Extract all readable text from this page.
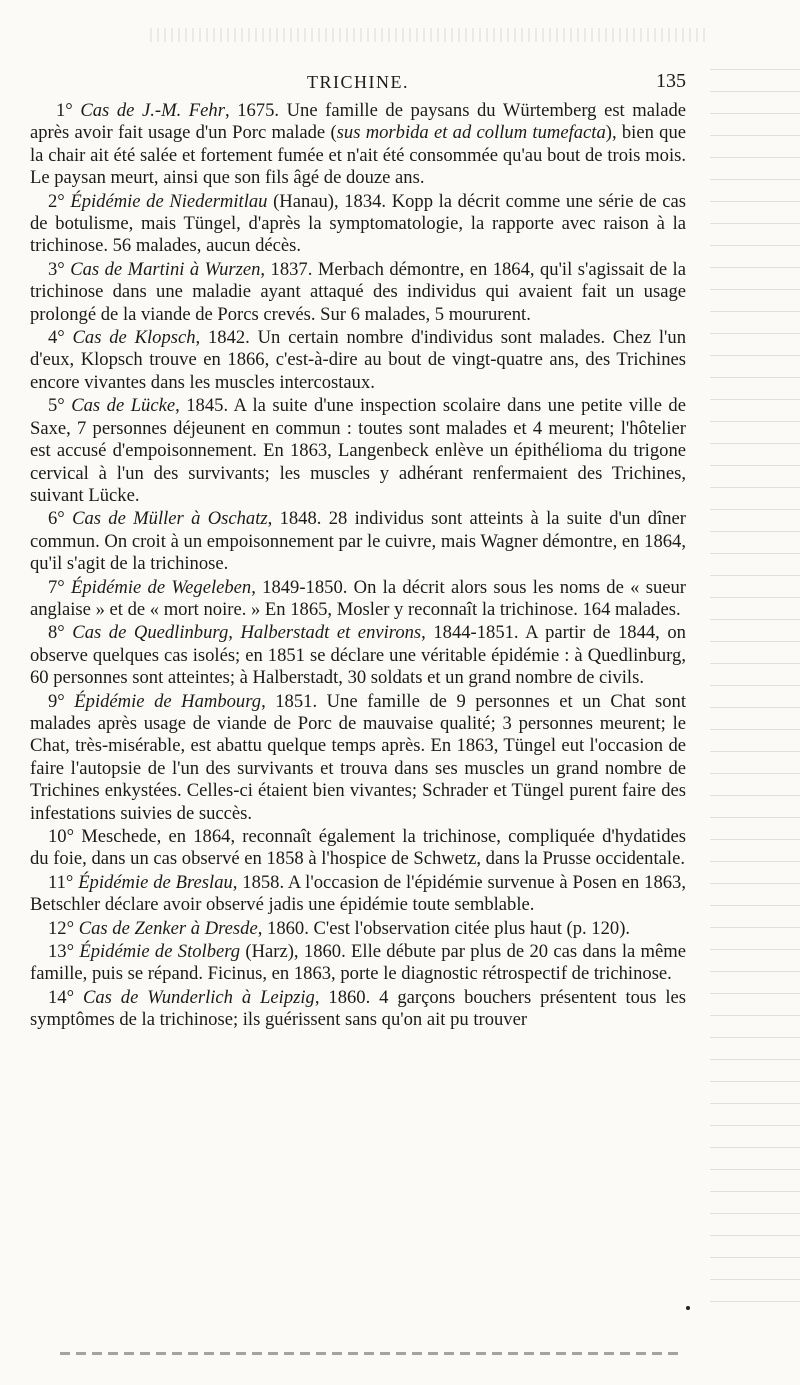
TRICHINE.	135

1° Cas de J.-M. Fehr, 1675. Une famille de paysans du Würtemberg est malade après avoir fait usage d'un Porc malade (sus morbida et ad collum tumefacta), bien que la chair ait été salée et fortement fumée et n'ait été consommée qu'au bout de trois mois. Le paysan meurt, ainsi que son fils âgé de douze ans.

2° Épidémie de Niedermitlau (Hanau), 1834. Kopp la décrit comme une série de cas de botulisme, mais Tüngel, d'après la symptomatologie, la rapporte avec raison à la trichinose. 56 malades, aucun décès.

3° Cas de Martini à Wurzen, 1837. Merbach démontre, en 1864, qu'il s'agissait de la trichinose dans une maladie ayant attaqué des individus qui avaient fait un usage prolongé de la viande de Porcs crevés. Sur 6 malades, 5 moururent.

4° Cas de Klopsch, 1842. Un certain nombre d'individus sont malades. Chez l'un d'eux, Klopsch trouve en 1866, c'est-à-dire au bout de vingt-quatre ans, des Trichines encore vivantes dans les muscles intercostaux.

5° Cas de Lücke, 1845. A la suite d'une inspection scolaire dans une petite ville de Saxe, 7 personnes déjeunent en commun : toutes sont malades et 4 meurent; l'hôtelier est accusé d'empoisonnement. En 1863, Langenbeck enlève un épithélioma du trigone cervical à l'un des survivants; les muscles y adhérant renfermaient des Trichines, suivant Lücke.

6° Cas de Müller à Oschatz, 1848. 28 individus sont atteints à la suite d'un dîner commun. On croit à un empoisonnement par le cuivre, mais Wagner démontre, en 1864, qu'il s'agit de la trichinose.

7° Épidémie de Wegeleben, 1849-1850. On la décrit alors sous les noms de « sueur anglaise » et de « mort noire. » En 1865, Mosler y reconnaît la trichinose. 164 malades.

8° Cas de Quedlinburg, Halberstadt et environs, 1844-1851. A partir de 1844, on observe quelques cas isolés; en 1851 se déclare une véritable épidémie : à Quedlinburg, 60 personnes sont atteintes; à Halberstadt, 30 soldats et un grand nombre de civils.

9° Épidémie de Hambourg, 1851. Une famille de 9 personnes et un Chat sont malades après usage de viande de Porc de mauvaise qualité; 3 personnes meurent; le Chat, très-misérable, est abattu quelque temps après. En 1863, Tüngel eut l'occasion de faire l'autopsie de l'un des survivants et trouva dans ses muscles un grand nombre de Trichines enkystées. Celles-ci étaient bien vivantes; Schrader et Tüngel purent faire des infestations suivies de succès.

10° Meschede, en 1864, reconnaît également la trichinose, compliquée d'hydatides du foie, dans un cas observé en 1858 à l'hospice de Schwetz, dans la Prusse occidentale.

11° Épidémie de Breslau, 1858. A l'occasion de l'épidémie survenue à Posen en 1863, Betschler déclare avoir observé jadis une épidémie toute semblable.

12° Cas de Zenker à Dresde, 1860. C'est l'observation citée plus haut (p. 120).

13° Épidémie de Stolberg (Harz), 1860. Elle débute par plus de 20 cas dans la même famille, puis se répand. Ficinus, en 1863, porte le diagnostic rétrospectif de trichinose.

14° Cas de Wunderlich à Leipzig, 1860. 4 garçons bouchers présentent tous les symptômes de la trichinose; ils guérissent sans qu'on ait pu trouver
